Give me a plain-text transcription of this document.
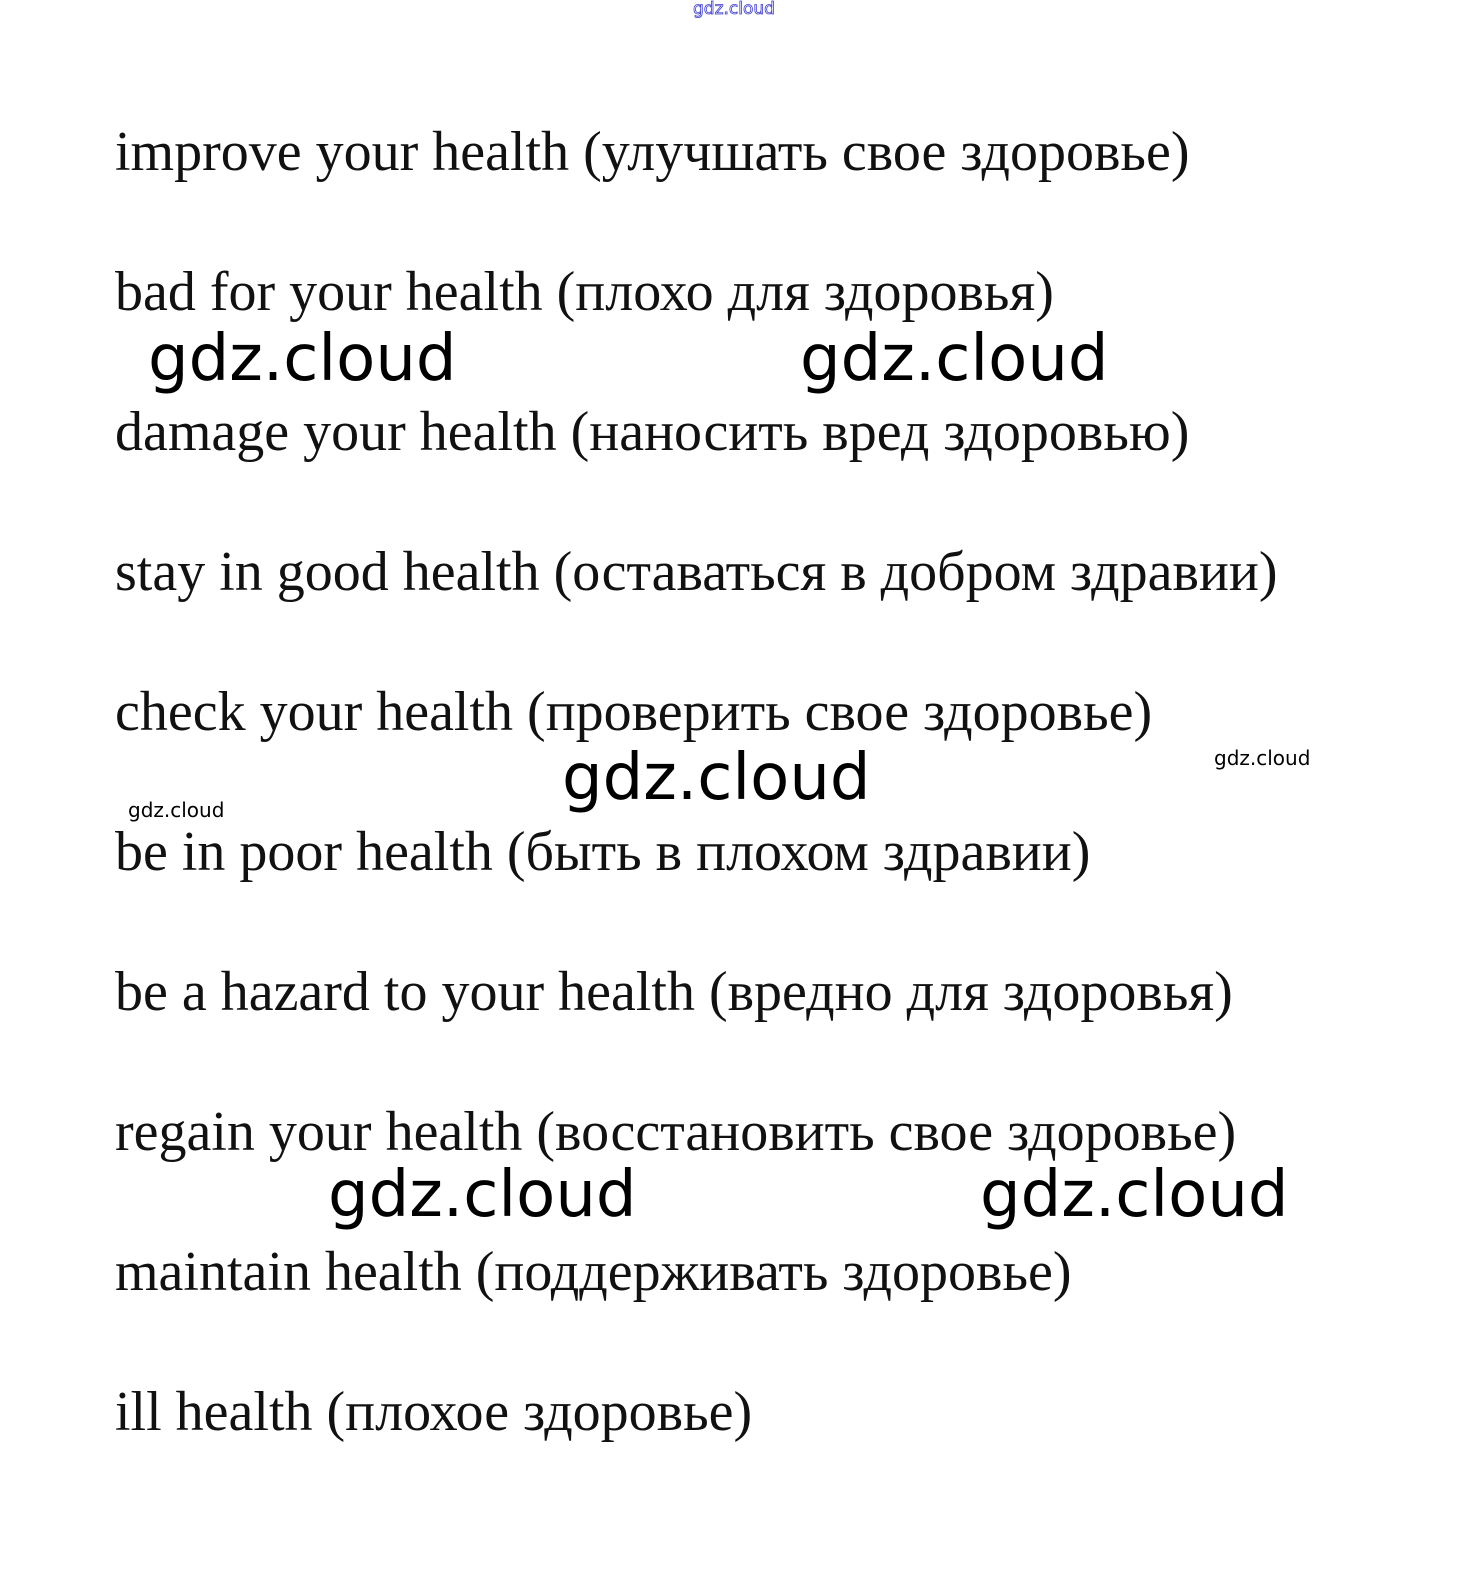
gdz.cloud

improve your health (улучшать свое здоровье)

bad for your health (плохо для здоровья)

gdz.cloud	gdz.cloud

damage your health (наносить вред здоровью)

stay in good health (оставаться в добром здравии)

check your health (проверить свое здоровье)

gdz.cloud
gdz.cloud
gdz.cloud

be in poor health (быть в плохом здравии)

be a hazard to your health (вредно для здоровья)

regain your health (восстановить свое здоровье)

gdz.cloud	gdz.cloud

maintain health (поддерживать здоровье)

ill health (плохое здоровье)
